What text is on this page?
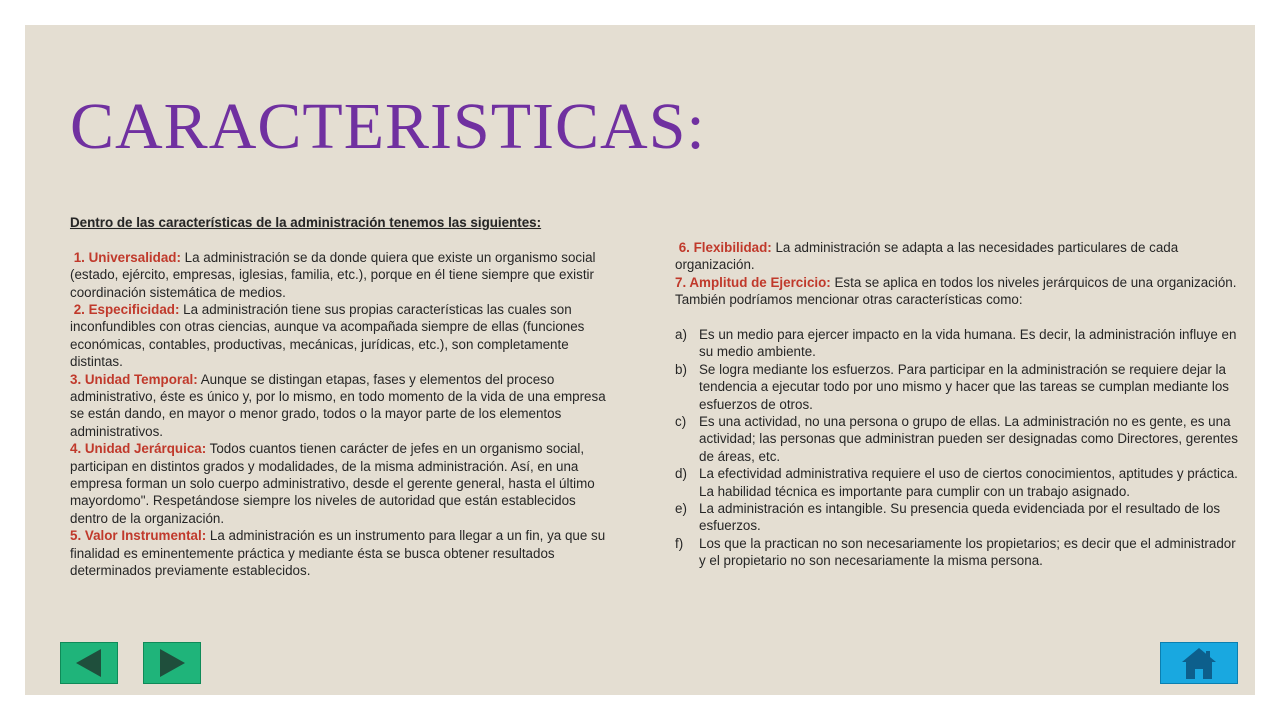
CARACTERISTICAS:

Dentro de las características de la administración tenemos las siguientes:

1. Universalidad: La administración se da donde quiera que existe un organismo social (estado, ejército, empresas, iglesias, familia, etc.), porque en él tiene siempre que existir coordinación sistemática de medios.

2. Especificidad: La administración tiene sus propias características las cuales son inconfundibles con otras ciencias, aunque va acompañada siempre de ellas (funciones económicas, contables, productivas, mecánicas, jurídicas, etc.), son completamente distintas.

3. Unidad Temporal: Aunque se distingan etapas, fases y elementos del proceso administrativo, éste es único y, por lo mismo, en todo momento de la vida de una empresa se están dando, en mayor o menor grado, todos o la mayor parte de los elementos administrativos.

4. Unidad Jerárquica: Todos cuantos tienen carácter de jefes en un organismo social, participan en distintos grados y modalidades, de la misma administración. Así, en una empresa forman un solo cuerpo administrativo, desde el gerente general, hasta el último mayordomo". Respetándose siempre los niveles de autoridad que están establecidos dentro de la organización.

5. Valor Instrumental: La administración es un instrumento para llegar a un fin, ya que su finalidad es eminentemente práctica y mediante ésta se busca obtener resultados determinados previamente establecidos.

6. Flexibilidad: La administración se adapta a las necesidades particulares de cada organización.

7. Amplitud de Ejercicio: Esta se aplica en todos los niveles jerárquicos de una organización. También podríamos mencionar otras características como:

a) Es un medio para ejercer impacto en la vida humana. Es decir, la administración influye en su medio ambiente.
b) Se logra mediante los esfuerzos. Para participar en la administración se requiere dejar la tendencia a ejecutar todo por uno mismo y hacer que las tareas se cumplan mediante los esfuerzos de otros.
c) Es una actividad, no una persona o grupo de ellas. La administración no es gente, es una actividad; las personas que administran pueden ser designadas como Directores, gerentes de áreas, etc.
d) La efectividad administrativa requiere el uso de ciertos conocimientos, aptitudes y práctica. La habilidad técnica es importante para cumplir con un trabajo asignado.
e) La administración es intangible. Su presencia queda evidenciada por el resultado de los esfuerzos.
f) Los que la practican no son necesariamente los propietarios; es decir que el administrador y el propietario no son necesariamente la misma persona.
